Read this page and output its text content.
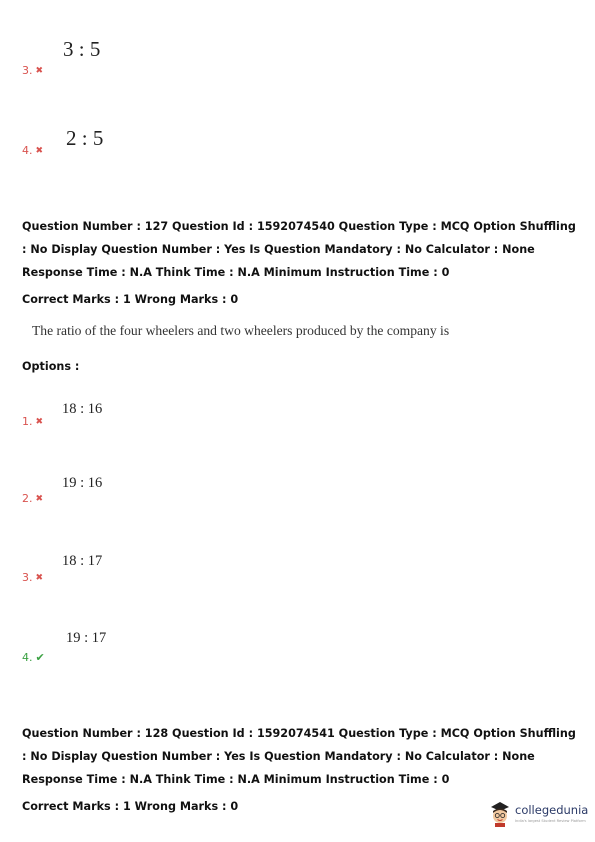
3 : 5
3. ✖
2 : 5
4. ✖
Question Number : 127 Question Id : 1592074540 Question Type : MCQ Option Shuffling : No Display Question Number : Yes Is Question Mandatory : No Calculator : None Response Time : N.A Think Time : N.A Minimum Instruction Time : 0
Correct Marks : 1 Wrong Marks : 0
The ratio of the four wheelers and two wheelers produced by the company is
Options :
18 : 16
1. ✖
19 : 16
2. ✖
18 : 17
3. ✖
19 : 17
4. ✔
Question Number : 128 Question Id : 1592074541 Question Type : MCQ Option Shuffling : No Display Question Number : Yes Is Question Mandatory : No Calculator : None Response Time : N.A Think Time : N.A Minimum Instruction Time : 0
Correct Marks : 1 Wrong Marks : 0	collegedunia
India's largest Student Review Platform
